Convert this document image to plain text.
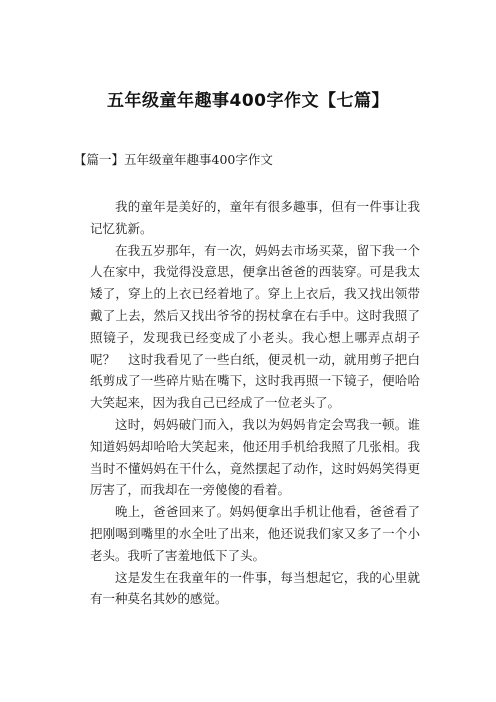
五年级童年趣事400字作文【七篇】
【篇一】五年级童年趣事400字作文

我的童年是美好的，童年有很多趣事，但有一件事让我记忆犹新。

在我五岁那年，有一次，妈妈去市场买菜，留下我一个人在家中，我觉得没意思，便拿出爸爸的西装穿。可是我太矮了，穿上的上衣已经着地了。穿上上衣后，我又找出领带戴了上去，然后又找出爷爷的拐杖拿在右手中。这时我照了照镜子，发现我已经变成了小老头。我心想上哪弄点胡子呢？　这时我看见了一些白纸，便灵机一动，就用剪子把白纸剪成了一些碎片贴在嘴下，这时我再照一下镜子，便哈哈大笑起来，因为我自己已经成了一位老头了。

这时，妈妈破门而入，我以为妈妈肯定会骂我一顿。谁知道妈妈却哈哈大笑起来，他还用手机给我照了几张相。我当时不懂妈妈在干什么，竟然摆起了动作，这时妈妈笑得更厉害了，而我却在一旁傻傻的看着。

晚上，爸爸回来了。妈妈便拿出手机让他看，爸爸看了把刚喝到嘴里的水全吐了出来，他还说我们家又多了一个小老头。我听了害羞地低下了头。

这是发生在我童年的一件事，每当想起它，我的心里就有一种莫名其妙的感觉。
